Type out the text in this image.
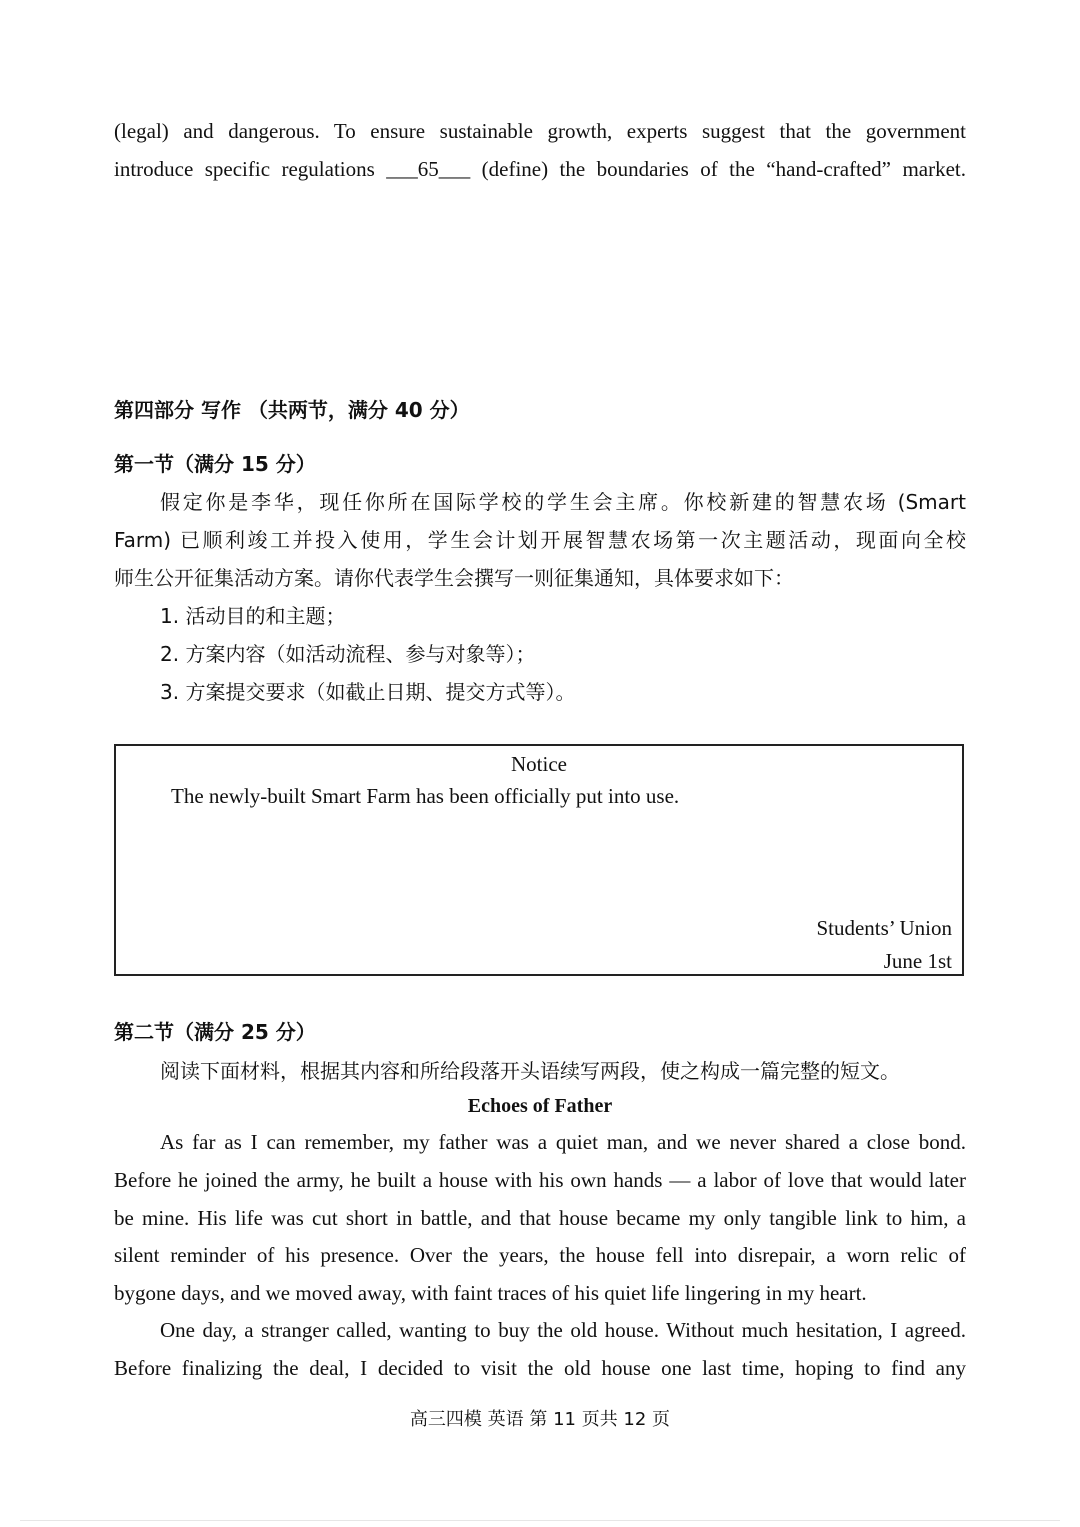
(legal) and dangerous. To ensure sustainable growth, experts suggest that the government
introduce specific regulations ___65___ (define) the boundaries of the “hand-crafted” market.
第四部分 写作 （共两节，满分 40 分）
第一节（满分 15 分）
假定你是李华，现任你所在国际学校的学生会主席。你校新建的智慧农场 (Smart
Farm) 已顺利竣工并投入使用，学生会计划开展智慧农场第一次主题活动，现面向全校
师生公开征集活动方案。请你代表学生会撰写一则征集通知，具体要求如下：
1. 活动目的和主题；
2. 方案内容（如活动流程、参与对象等）；
3. 方案提交要求（如截止日期、提交方式等）。
Notice
The newly-built Smart Farm has been officially put into use.
Students’ Union
June 1st
第二节（满分 25 分）
阅读下面材料，根据其内容和所给段落开头语续写两段，使之构成一篇完整的短文。
Echoes of Father
As far as I can remember, my father was a quiet man, and we never shared a close bond.
Before he joined the army, he built a house with his own hands — a labor of love that would later
be mine. His life was cut short in battle, and that house became my only tangible link to him, a
silent reminder of his presence. Over the years, the house fell into disrepair, a worn relic of
bygone days, and we moved away, with faint traces of his quiet life lingering in my heart.
One day, a stranger called, wanting to buy the old house. Without much hesitation, I agreed.
Before finalizing the deal, I decided to visit the old house one last time, hoping to find any
高三四模 英语 第 11 页共 12 页
